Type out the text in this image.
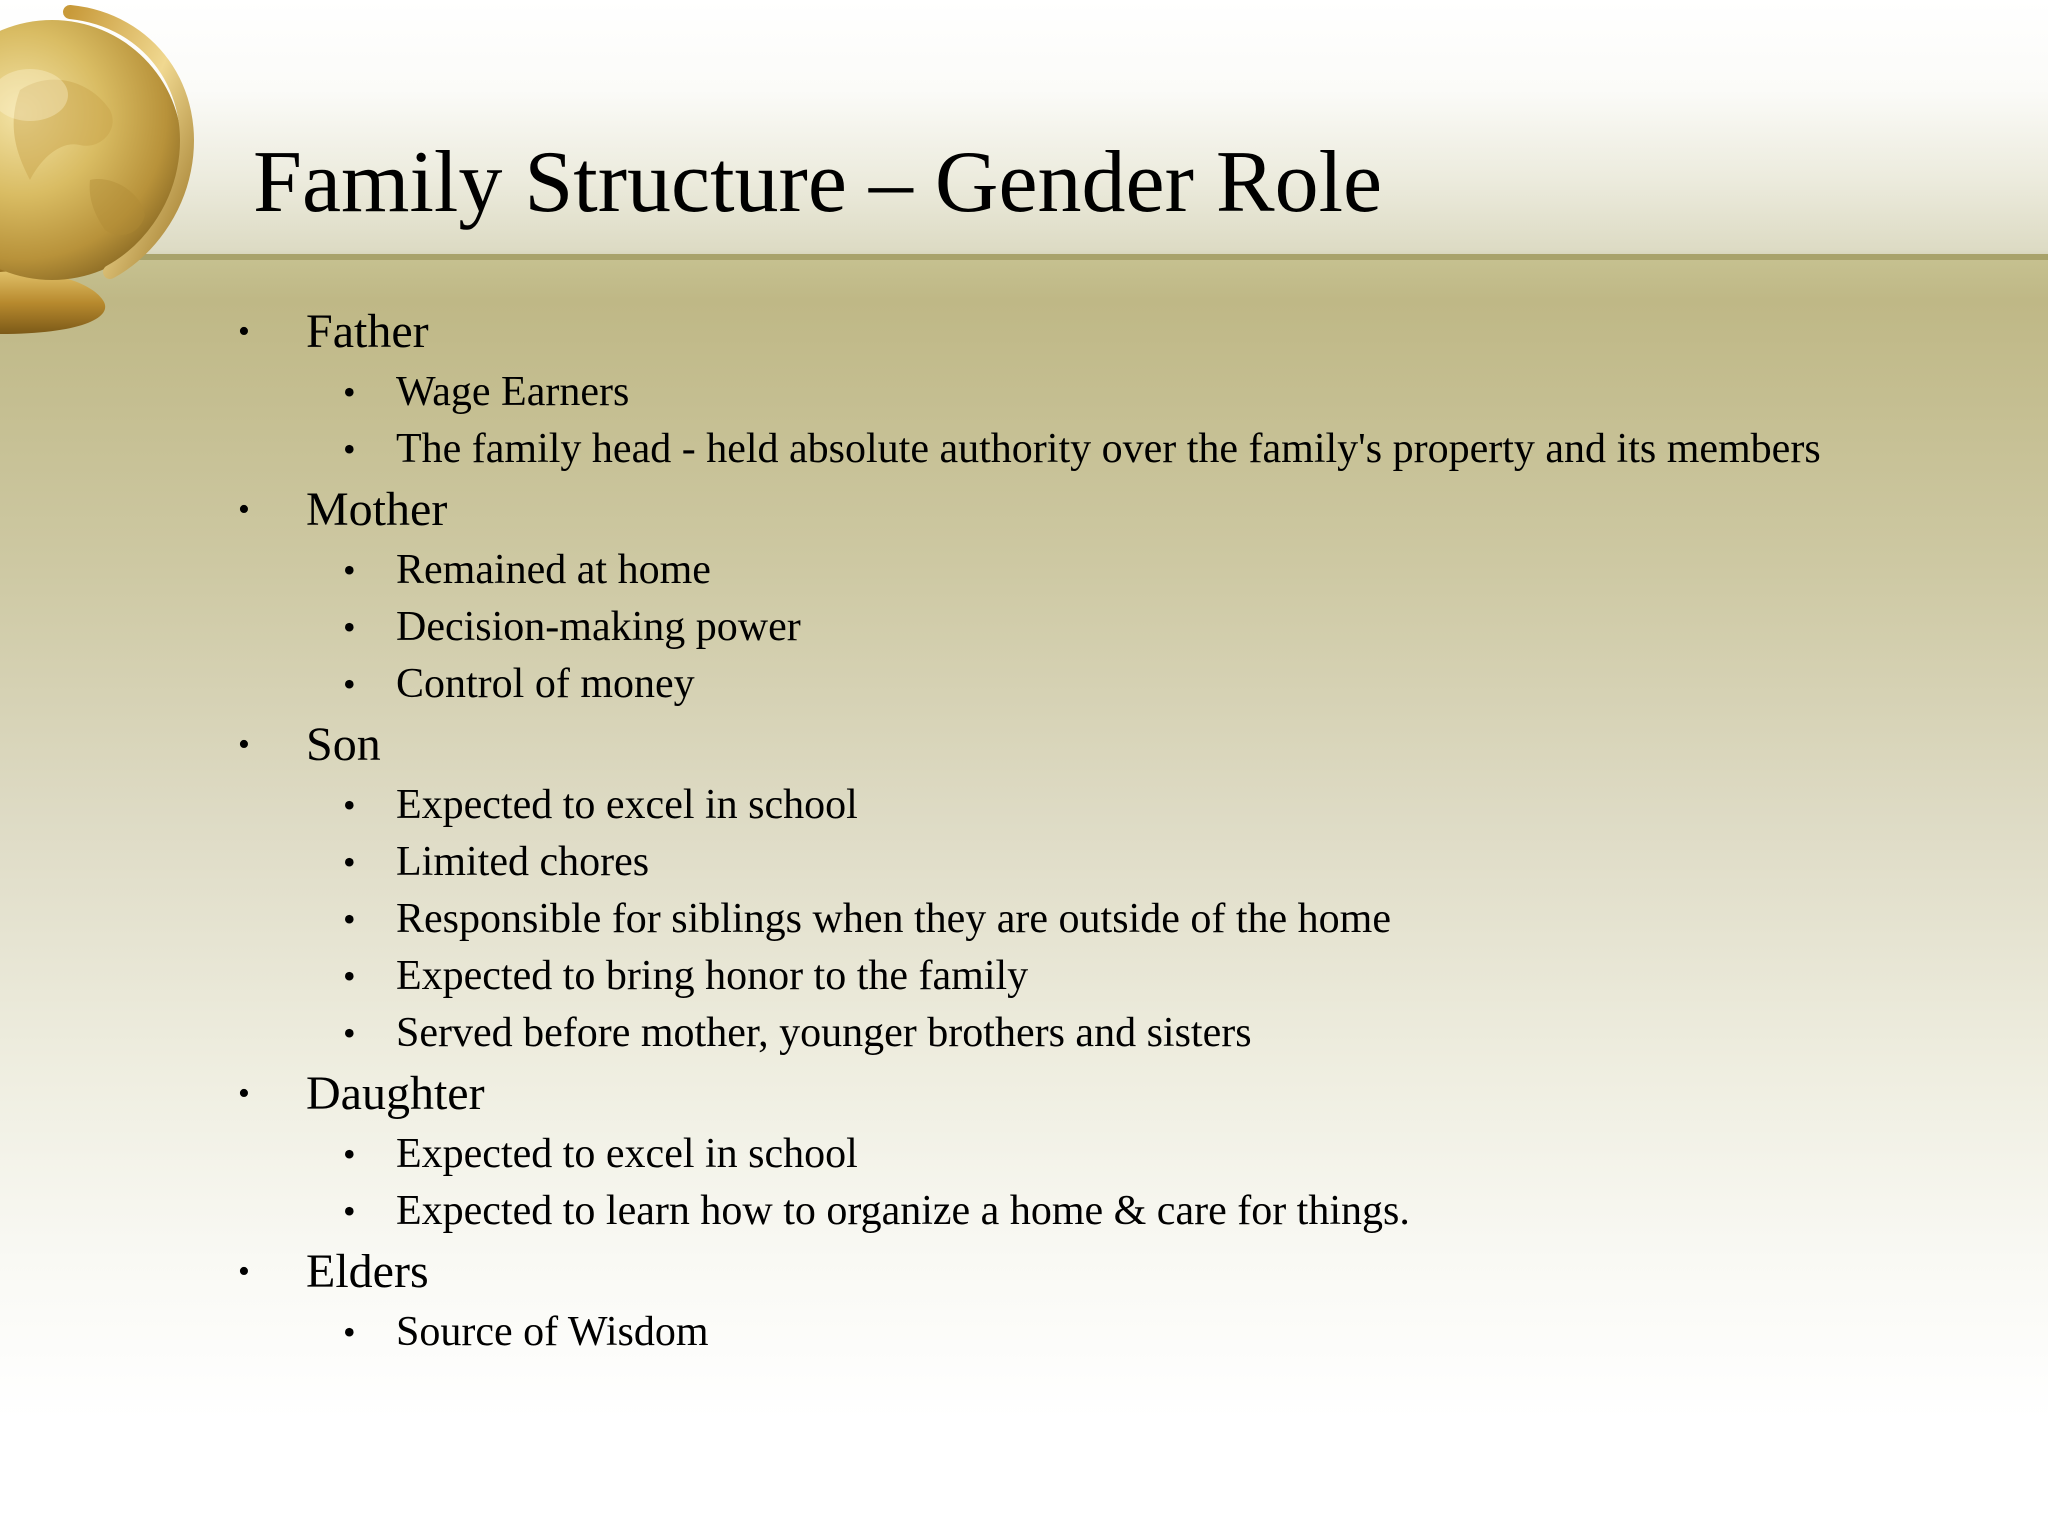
Family Structure – Gender Role
• Father
• Wage Earners
• The family head - held absolute authority over the family's property and its members
• Mother
• Remained at home
• Decision-making power
• Control of money
• Son
• Expected to excel in school
• Limited chores
• Responsible for siblings when they are outside of the home
• Expected to bring honor to the family
• Served before mother, younger brothers and sisters
• Daughter
• Expected to excel in school
• Expected to learn how to organize a home & care for things.
• Elders
• Source of Wisdom
